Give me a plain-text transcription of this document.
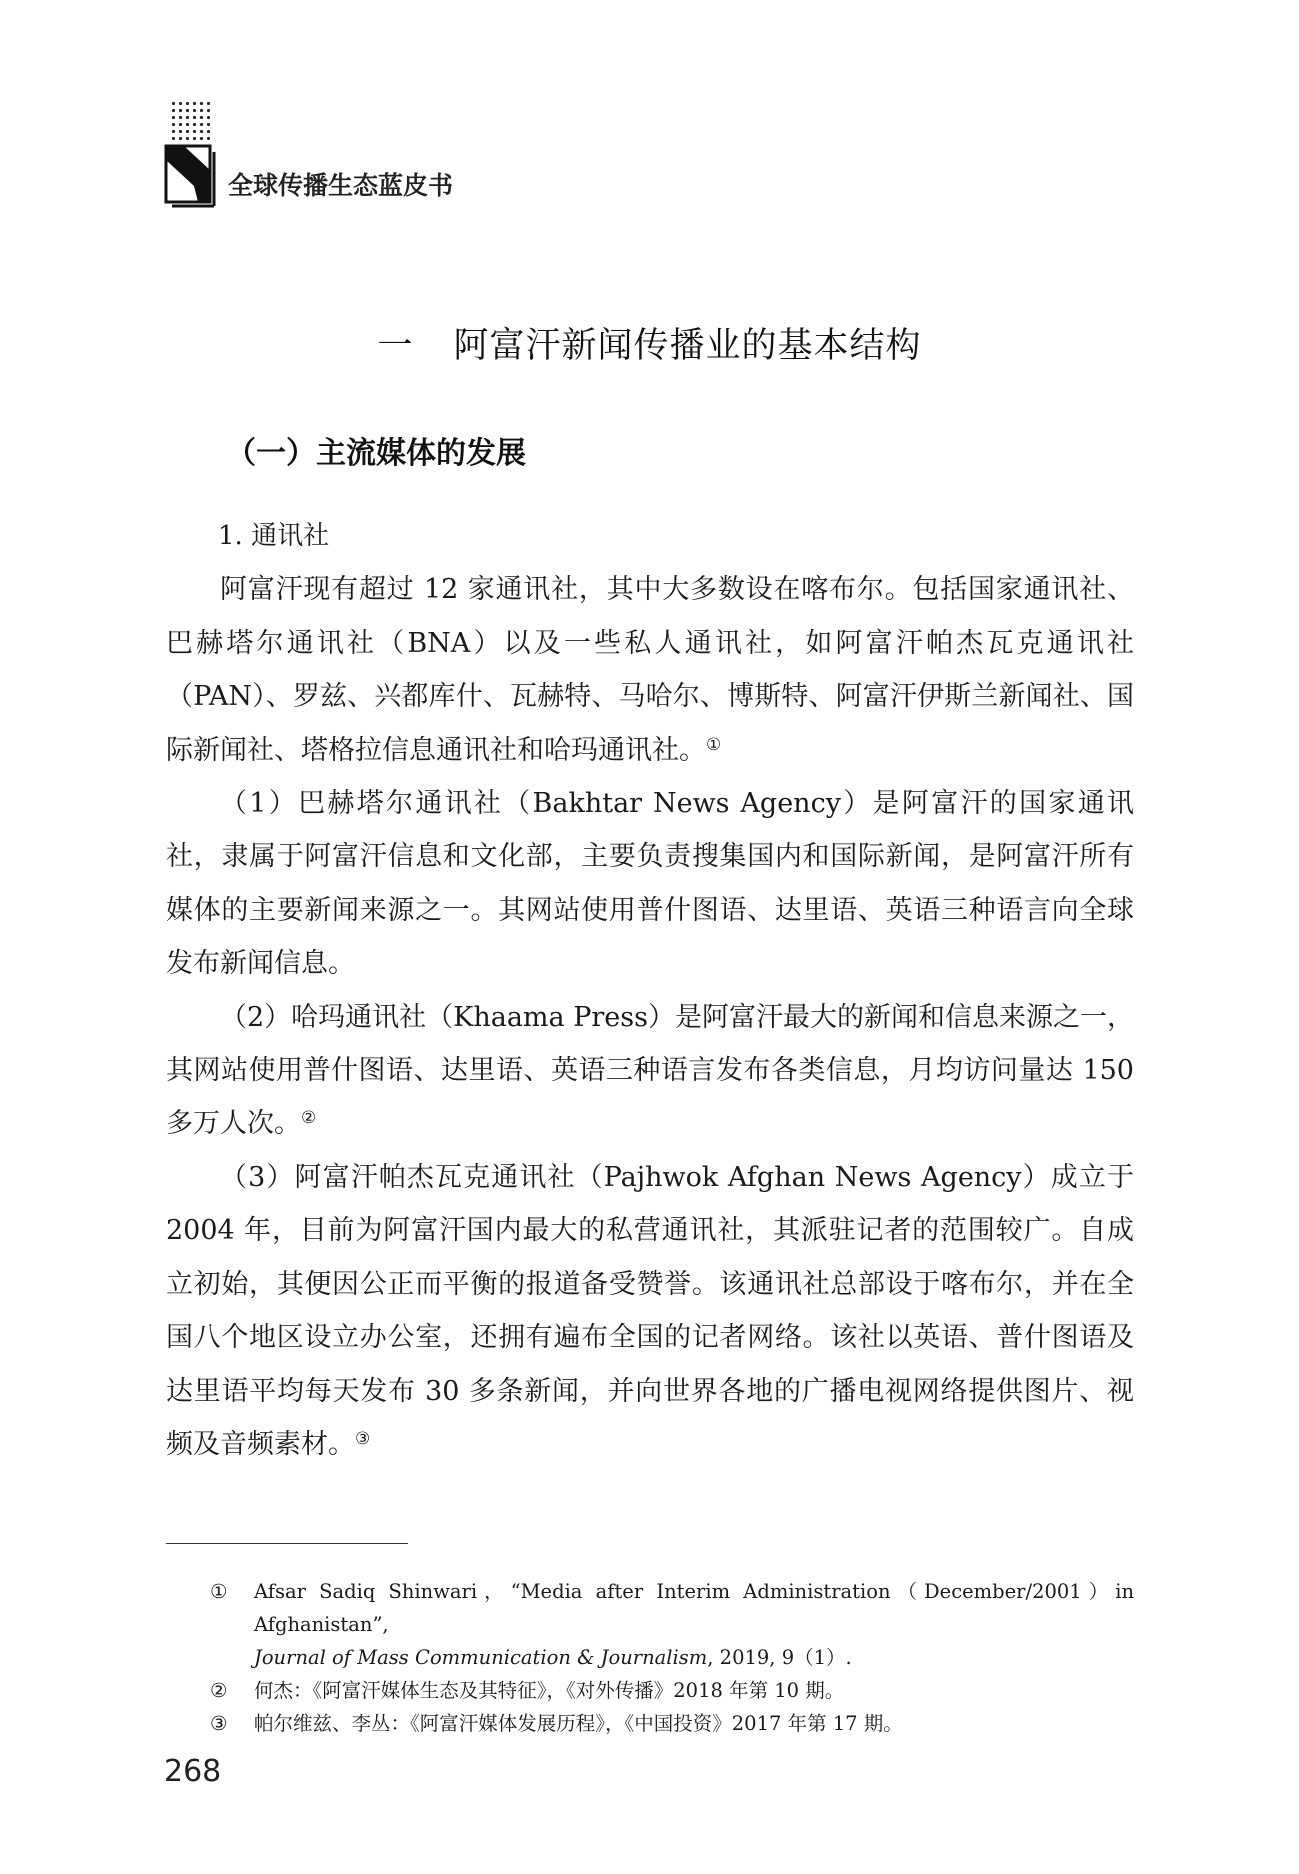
全球传播生态蓝皮书
一 阿富汗新闻传播业的基本结构
（一）主流媒体的发展

1. 通讯社

阿富汗现有超过 12 家通讯社，其中大多数设在喀布尔。包括国家通讯社、巴赫塔尔通讯社（BNA）以及一些私人通讯社，如阿富汗帕杰瓦克通讯社（PAN）、罗兹、兴都库什、瓦赫特、马哈尔、博斯特、阿富汗伊斯兰新闻社、国际新闻社、塔格拉信息通讯社和哈玛通讯社。①

（1）巴赫塔尔通讯社（Bakhtar News Agency）是阿富汗的国家通讯社，隶属于阿富汗信息和文化部，主要负责搜集国内和国际新闻，是阿富汗所有媒体的主要新闻来源之一。其网站使用普什图语、达里语、英语三种语言向全球发布新闻信息。

（2）哈玛通讯社（Khaama Press）是阿富汗最大的新闻和信息来源之一，其网站使用普什图语、达里语、英语三种语言发布各类信息，月均访问量达 150 多万人次。②

（3）阿富汗帕杰瓦克通讯社（Pajhwok Afghan News Agency）成立于 2004 年，目前为阿富汗国内最大的私营通讯社，其派驻记者的范围较广。自成立初始，其便因公正而平衡的报道备受赞誉。该通讯社总部设于喀布尔，并在全国八个地区设立办公室，还拥有遍布全国的记者网络。该社以英语、普什图语及达里语平均每天发布 30 多条新闻，并向世界各地的广播电视网络提供图片、视频及音频素材。③

① Afsar Sadiq Shinwari，“Media after Interim Administration（December/2001）in Afghanistan”,
Journal of Mass Communication & Journalism, 2019, 9（1）.
② 何杰：《阿富汗媒体生态及其特征》，《对外传播》2018 年第 10 期。
③ 帕尔维兹、李丛：《阿富汗媒体发展历程》，《中国投资》2017 年第 17 期。
268
